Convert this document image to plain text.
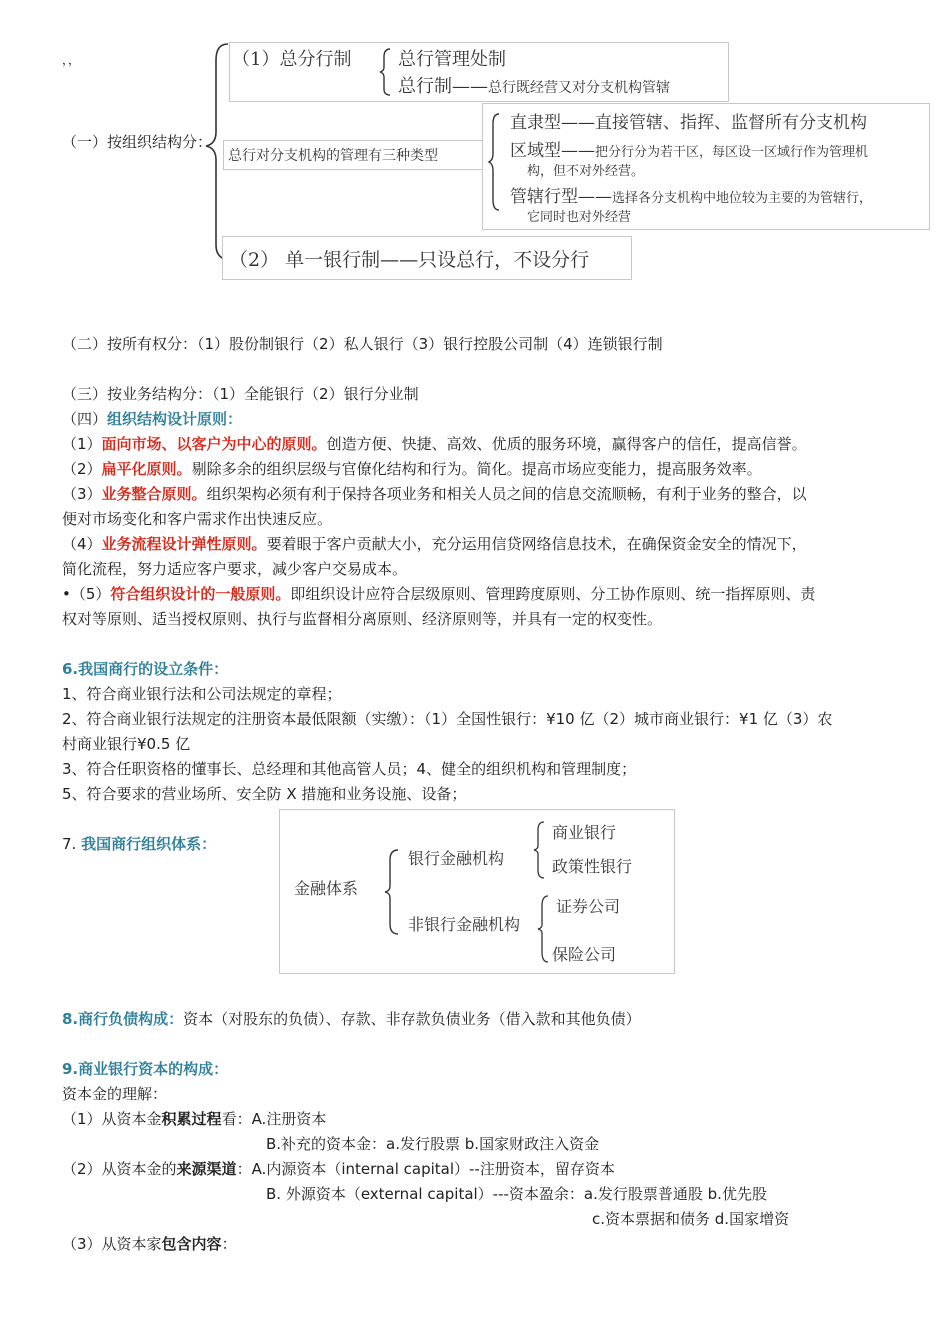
，，
（一）按组织结构分：
（1）总分行制	总行管理处制
总行制——总行既经营又对分支机构管辖
总行对分支机构的管理有三种类型
直隶型——直接管辖、指挥、监督所有分支机构
区域型——把分行分为若干区，每区设一区域行作为管理机
构，但不对外经营。
管辖行型——选择各分支机构中地位较为主要的为管辖行，
它同时也对外经营
（2） 单一银行制——只设总行，不设分行
（二）按所有权分：（1）股份制银行（2）私人银行（3）银行控股公司制（4）连锁银行制
（三）按业务结构分：（1）全能银行（2）银行分业制
（四）组织结构设计原则：
（1）面向市场、以客户为中心的原则。创造方便、快捷、高效、优质的服务环境，赢得客户的信任，提高信誉。
（2）扁平化原则。剔除多余的组织层级与官僚化结构和行为。简化。提高市场应变能力，提高服务效率。
（3）业务整合原则。组织架构必须有利于保持各项业务和相关人员之间的信息交流顺畅，有利于业务的整合，以
便对市场变化和客户需求作出快速反应。
（4）业务流程设计弹性原则。要着眼于客户贡献大小，充分运用信贷网络信息技术，在确保资金安全的情况下，
简化流程，努力适应客户要求，减少客户交易成本。
•（5）符合组织设计的一般原则。即组织设计应符合层级原则、管理跨度原则、分工协作原则、统一指挥原则、责
权对等原则、适当授权原则、执行与监督相分离原则、经济原则等，并具有一定的权变性。
6.我国商行的设立条件：
1、符合商业银行法和公司法规定的章程；
2、符合商业银行法规定的注册资本最低限额（实缴）：（1）全国性银行：¥10 亿（2）城市商业银行：¥1 亿（3）农
村商业银行¥0.5 亿
3、符合任职资格的懂事长、总经理和其他高管人员；4、健全的组织机构和管理制度；
5、符合要求的营业场所、安全防 X 措施和业务设施、设备；
7. 我国商行组织体系：
金融体系
银行金融机构
非银行金融机构
商业银行
政策性银行
证券公司
保险公司
8.商行负债构成：资本（对股东的负债）、存款、非存款负债业务（借入款和其他负债）
9.商业银行资本的构成：
资本金的理解：
（1）从资本金积累过程看：A.注册资本
B.补充的资本金：a.发行股票 b.国家财政注入资金
（2）从资本金的来源渠道：A.内源资本（internal capital）--注册资本，留存资本
B. 外源资本（external capital）---资本盈余：a.发行股票普通股 b.优先股
c.资本票据和债务 d.国家增资
（3）从资本家包含内容：
